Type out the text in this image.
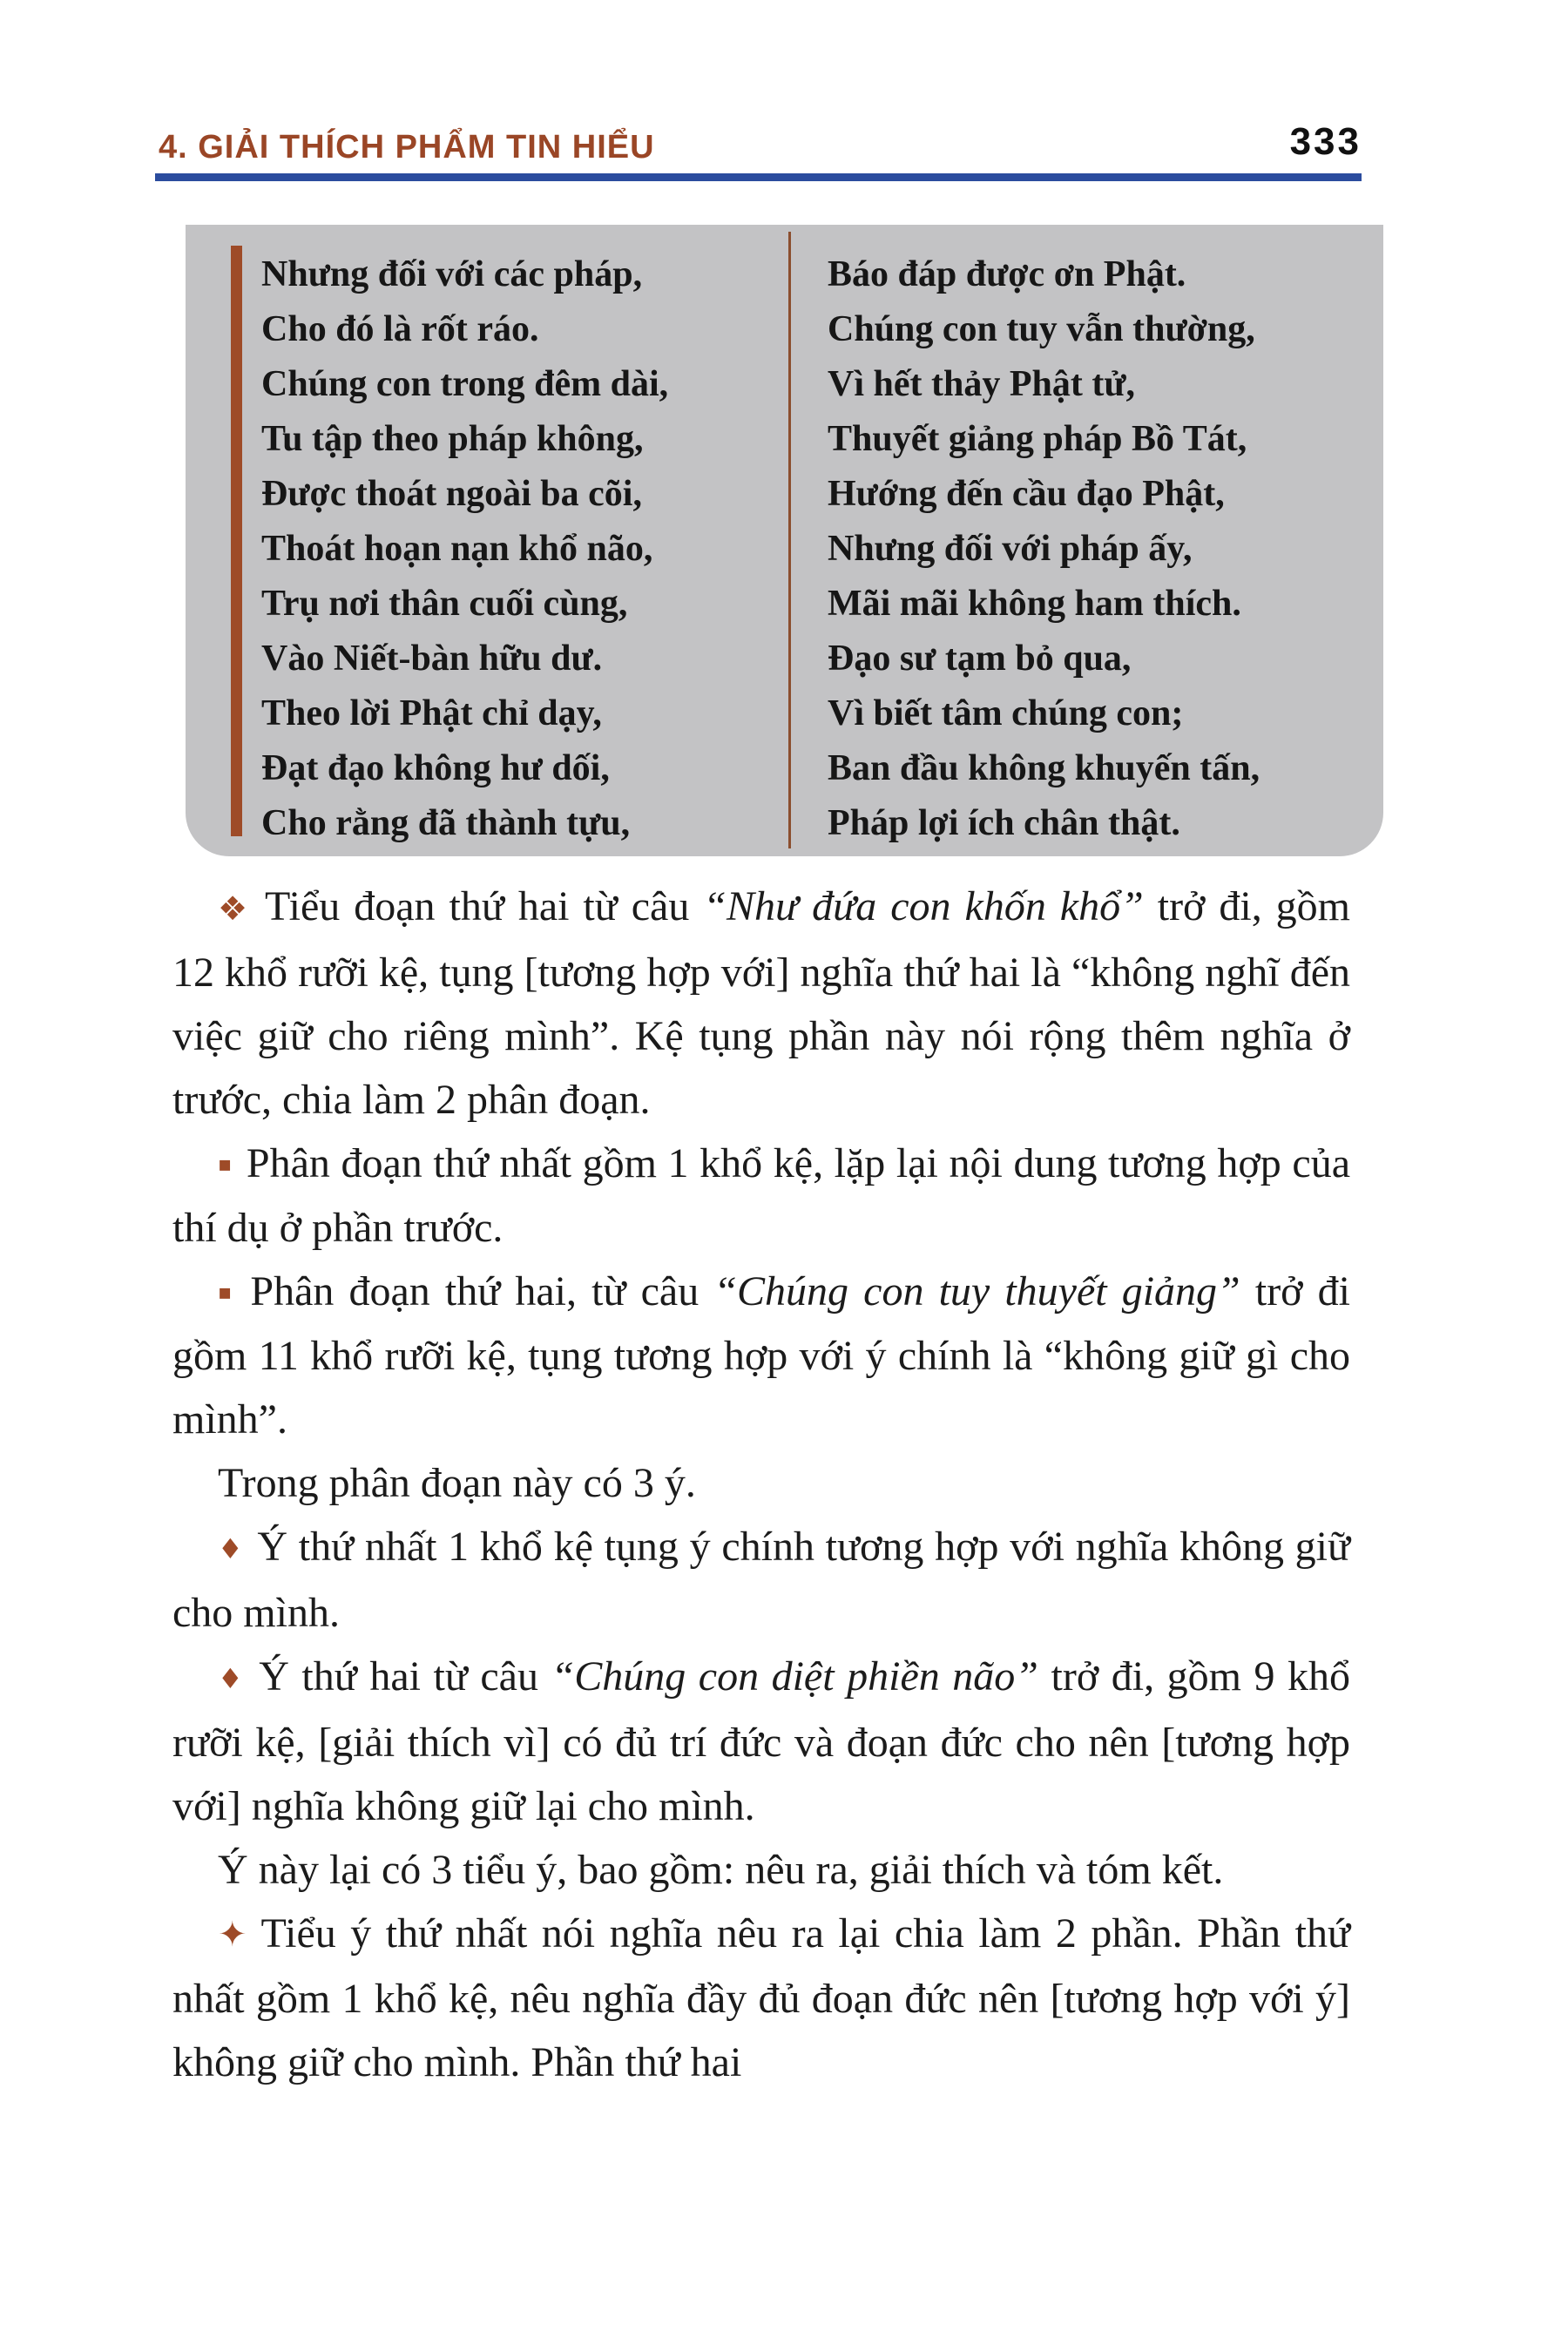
4. GIẢI THÍCH PHẨM TIN HIỂU	333
Nhưng đối với các pháp,
Cho đó là rốt ráo.
Chúng con trong đêm dài,
Tu tập theo pháp không,
Được thoát ngoài ba cõi,
Thoát hoạn nạn khổ não,
Trụ nơi thân cuối cùng,
Vào Niết-bàn hữu dư.
Theo lời Phật chỉ dạy,
Đạt đạo không hư dối,
Cho rằng đã thành tựu,
Báo đáp được ơn Phật.
Chúng con tuy vẫn thường,
Vì hết thảy Phật tử,
Thuyết giảng pháp Bồ Tát,
Hướng đến cầu đạo Phật,
Nhưng đối với pháp ấy,
Mãi mãi không ham thích.
Đạo sư tạm bỏ qua,
Vì biết tâm chúng con;
Ban đầu không khuyến tấn,
Pháp lợi ích chân thật.

❖ Tiểu đoạn thứ hai từ câu “Như đứa con khốn khổ” trở đi, gồm 12 khổ rưỡi kệ, tụng [tương hợp với] nghĩa thứ hai là “không nghĩ đến việc giữ cho riêng mình”. Kệ tụng phần này nói rộng thêm nghĩa ở trước, chia làm 2 phân đoạn.

▪ Phân đoạn thứ nhất gồm 1 khổ kệ, lặp lại nội dung tương hợp của thí dụ ở phần trước.

▪ Phân đoạn thứ hai, từ câu “Chúng con tuy thuyết giảng” trở đi gồm 11 khổ rưỡi kệ, tụng tương hợp với ý chính là “không giữ gì cho mình”.

Trong phân đoạn này có 3 ý.

♦ Ý thứ nhất 1 khổ kệ tụng ý chính tương hợp với nghĩa không giữ cho mình.

♦ Ý thứ hai từ câu “Chúng con diệt phiền não” trở đi, gồm 9 khổ rưỡi kệ, [giải thích vì] có đủ trí đức và đoạn đức cho nên [tương hợp với] nghĩa không giữ lại cho mình.

Ý này lại có 3 tiểu ý, bao gồm: nêu ra, giải thích và tóm kết.

✦ Tiểu ý thứ nhất nói nghĩa nêu ra lại chia làm 2 phần. Phần thứ nhất gồm 1 khổ kệ, nêu nghĩa đầy đủ đoạn đức nên [tương hợp với ý] không giữ cho mình. Phần thứ hai
